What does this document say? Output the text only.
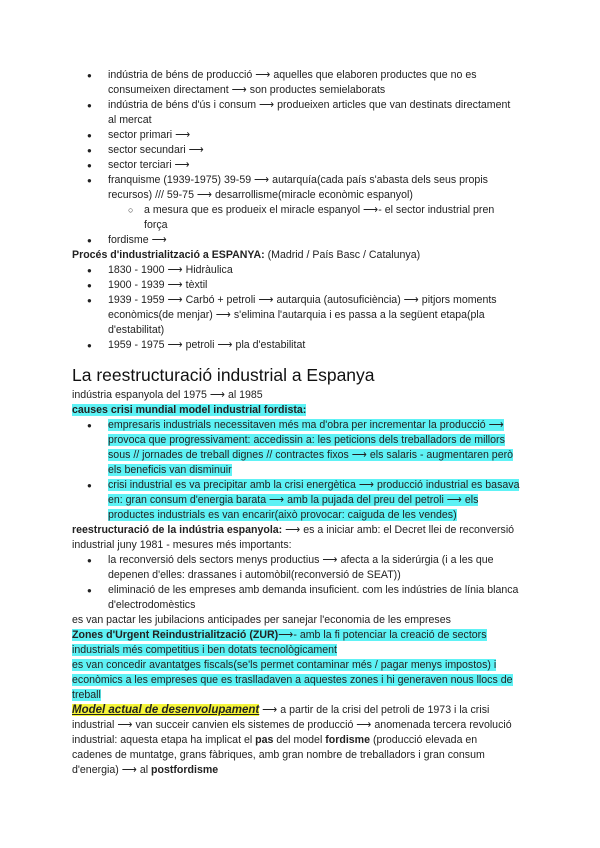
● indústria de béns de producció ⟶ aquelles que elaboren productes que no es consumeixen directament ⟶ son productes semielaborats
● indústria de béns d'ús i consum ⟶ produeixen articles que van destinats directament al mercat
● sector primari ⟶
● sector secundari ⟶
● sector terciari ⟶
● franquisme (1939-1975) 39-59 ⟶ autarquía(cada país s'abasta dels seus propis recursos) /// 59-75 ⟶ desarrollisme(miracle econòmic espanyol)
○ a mesura que es produeix el miracle espanyol ⟶- el sector industrial pren força
● fordisme ⟶

Procés d'industrialització a ESPANYA: (Madrid / País Basc / Catalunya)

● 1830 - 1900 ⟶ Hidràulica
● 1900 - 1939 ⟶ tèxtil
● 1939 - 1959 ⟶ Carbó + petroli ⟶ autarquia (autosuficiència) ⟶ pitjors moments econòmics(de menjar) ⟶ s'elimina l'autarquia i es passa a la següent etapa(pla d'estabilitat)
● 1959 - 1975 ⟶ petroli ⟶ pla d'estabilitat
La reestructuració industrial a Espanya

indústria espanyola del 1975 ⟶ al 1985

causes crisi mundial model industrial fordista:

● empresaris industrials necessitaven més ma d'obra per incrementar la producció ⟶ provoca que progressivament: accedissin a: les peticions dels treballadors de millors sous // jornades de treball dignes // contractes fixos ⟶ els salaris - augmentaren però els beneficis van disminuir
● crisi industrial es va precipitar amb la crisi energètica ⟶ producció industrial es basava en: gran consum d'energia barata ⟶ amb la pujada del preu del petroli ⟶ els productes industrials es van encarir(això provocar: caiguda de les vendes)

reestructuració de la indústria espanyola: ⟶ es a iniciar amb: el Decret llei de reconversió industrial juny 1981 - mesures més importants:

● la reconversió dels sectors menys productius ⟶ afecta a la siderúrgia (i a les que depenen d'elles: drassanes i automòbil(reconversió de SEAT))
● eliminació de les empreses amb demanda insuficient. com les indústries de línia blanca d'electrodomèstics

es van pactar les jubilacions anticipades per sanejar l'economia de les empreses

Zones d'Urgent Reindustrialització (ZUR)⟶- amb la fi potenciar la creació de sectors industrials més competitius i ben dotats tecnològicament

es van concedir avantatges fiscals(se'ls permet contaminar més / pagar menys impostos) i econòmics a les empreses que es traslladaven a aquestes zones i hi generaven nous llocs de treball

Model actual de desenvolupament ⟶ a partir de la crisi del petroli de 1973 i la crisi industrial ⟶ van succeir canvien els sistemes de producció ⟶ anomenada tercera revolució industrial: aquesta etapa ha implicat el pas del model fordisme (producció elevada en cadenes de muntatge, grans fàbriques, amb gran nombre de treballadors i gran consum d'energia) ⟶ al postfordisme
